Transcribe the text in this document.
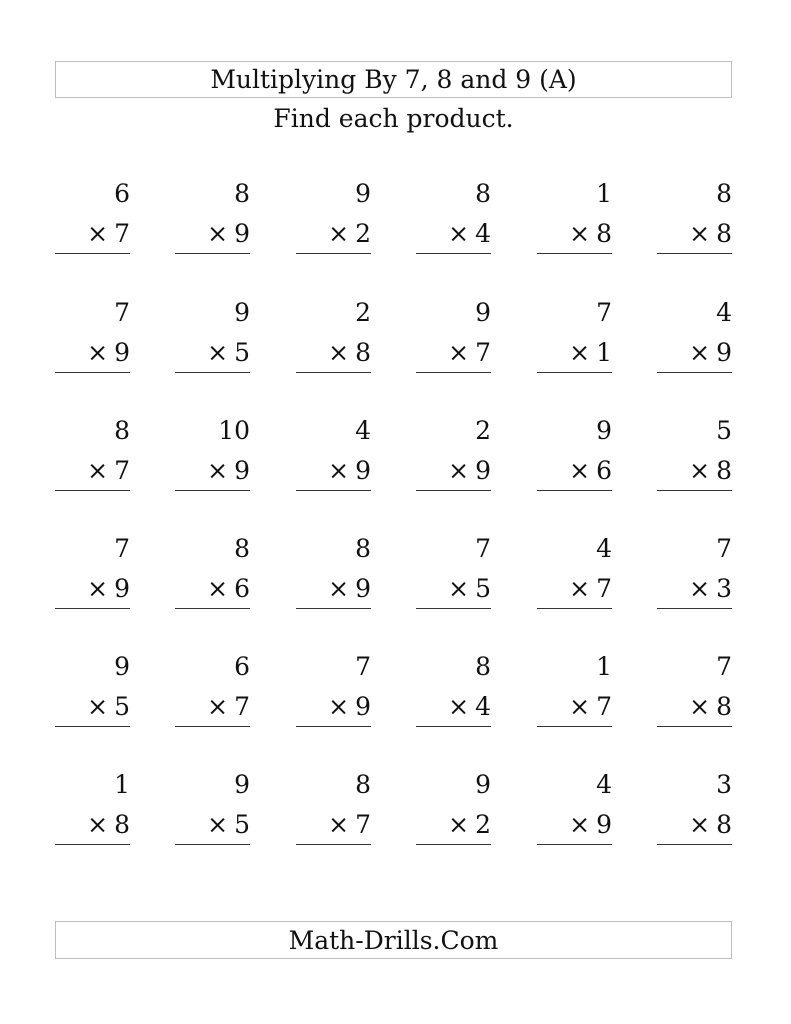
Multiplying By 7, 8 and 9 (A)
Find each product.
6
× 7
8
× 9
9
× 2
8
× 4
1
× 8
8
× 8
7
× 9
9
× 5
2
× 8
9
× 7
7
× 1
4
× 9
8
× 7
10
× 9
4
× 9
2
× 9
9
× 6
5
× 8
7
× 9
8
× 6
8
× 9
7
× 5
4
× 7
7
× 3
9
× 5
6
× 7
7
× 9
8
× 4
1
× 7
7
× 8
1
× 8
9
× 5
8
× 7
9
× 2
4
× 9
3
× 8
Math-Drills.Com
